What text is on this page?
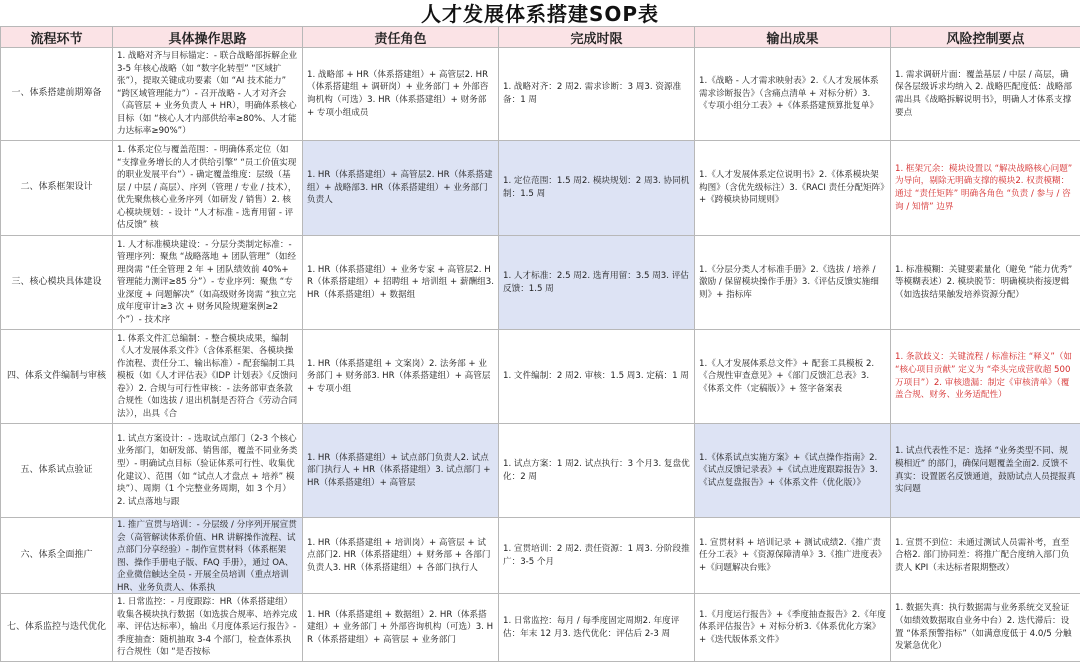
人才发展体系搭建SOP表
流程环节	具体操作思路	责任角色	完成时限	输出成果	风险控制要点

一、体系搭建前期筹备	1. 战略对齐与目标锚定：- 联合战略部拆解企业 3-5 年核心战略（如 “数字化转型” “区域扩张”），提取关键成功要素（如 “AI 技术能力” “跨区域管理能力”）- 召开战略 - 人才对齐会（高管层 + 业务负责人 + HR），明确体系核心目标（如 “核心人才内部供给率≥80%、人才能力达标率≥90%”）	1. 战略部 + HR（体系搭建组）+ 高管层2. HR（体系搭建组 + 调研岗）+ 业务部门 + 外部咨询机构（可选）3. HR（体系搭建组）+ 财务部 + 专项小组成员	1. 战略对齐：2 周2. 需求诊断：3 周3. 资源准备：1 周	1.《战略 - 人才需求映射表》2.《人才发展体系需求诊断报告》（含痛点清单 + 对标分析）3.《专项小组分工表》+《体系搭建预算批复单》	1. 需求调研片面：覆盖基层 / 中层 / 高层，确保各层级诉求均纳入 2. 战略匹配度低：战略部需出具《战略拆解说明书》，明确人才体系支撑要点

二、体系框架设计	1. 体系定位与覆盖范围：- 明确体系定位（如 “支撑业务增长的人才供给引擎” “员工价值实现的职业发展平台”）- 确定覆盖维度：层级（基层 / 中层 / 高层）、序列（管理 / 专业 / 技术），优先聚焦核心业务序列（如研发 / 销售）2. 核心模块规划：- 设计 “人才标准 - 选育用留 - 评估反馈” 核	1. HR（体系搭建组）+ 高管层2. HR（体系搭建组）+ 战略部3. HR（体系搭建组）+ 业务部门负责人	1. 定位范围：1.5 周2. 模块规划：2 周3. 协同机制：1.5 周	1.《人才发展体系定位说明书》2.《体系模块架构图》（含优先级标注）3.《RACI 责任分配矩阵》+《跨模块协同规则》	1. 框架冗余：模块设置以 “解决战略核心问题” 为导向，剔除无明确支撑的模块2. 权责模糊：通过 “责任矩阵” 明确各角色 “负责 / 参与 / 咨询 / 知情” 边界

三、核心模块具体建设	1. 人才标准模块建设：- 分层分类制定标准：- 管理序列：聚焦 “战略落地 + 团队管理”（如经理岗需 “任全管理 2 年 + 团队绩效前 40%+ 管理能力测评≥85 分”）- 专业序列：聚焦 “专业深度 + 问题解决”（如高级财务岗需 “独立完成年度审计≥3 次 + 财务风险规避案例≥2 个”）- 技术序	1. HR（体系搭建组）+ 业务专家 + 高管层2. HR（体系搭建组）+ 招聘组 + 培训组 + 薪酬组3. HR（体系搭建组）+ 数据组	1. 人才标准：2.5 周2. 选育用留：3.5 周3. 评估反馈：1.5 周	1.《分层分类人才标准手册》2.《选拔 / 培养 / 激励 / 保留模块操作手册》3.《评估反馈实施细则》+ 指标库	1. 标准模糊：关键要素量化（避免 “能力优秀” 等模糊表述）2. 模块脱节：明确模块衔接逻辑（如选拔结果触发培养资源分配）

四、体系文件编制与审核	1. 体系文件汇总编制：- 整合模块成果，编制《人才发展体系文件》（含体系框架、各模块操作流程、责任分工、输出标准）- 配套编制工具模板（如《人才评估表》《IDP 计划表》《反馈问卷》）2. 合规与可行性审核：- 法务部审查条款合规性（如选拔 / 退出机制是否符合《劳动合同法》），出具《合	1. HR（体系搭建组 + 文案岗）2. 法务部 + 业务部门 + 财务部3. HR（体系搭建组）+ 高管层 + 专项小组	1. 文件编制：2 周2. 审核：1.5 周3. 定稿：1 周	1.《人才发展体系总文件》+ 配套工具模板 2.《合规性审查意见》+《部门反馈汇总表》3.《体系文件（定稿版）》+ 签字备案表	1. 条款歧义：关键流程 / 标准标注 “释义”（如 “核心项目贡献” 定义为 “牵头完成营收超 500 万项目”）2. 审核遗漏：制定《审核清单》（覆盖合规、财务、业务适配性）

五、体系试点验证	1. 试点方案设计：- 选取试点部门（2-3 个核心业务部门，如研发部、销售部，覆盖不同业务类型）- 明确试点目标（验证体系可行性、收集优化建议）、范围（如 “试点人才盘点 + 培养” 模块”）、周期（1 个完整业务周期，如 3 个月）2. 试点落地与跟	1. HR（体系搭建组）+ 试点部门负责人2. 试点部门执行人 + HR（体系搭建组）3. 试点部门 + HR（体系搭建组）+ 高管层	1. 试点方案：1 周2. 试点执行：3 个月3. 复盘优化：2 周	1.《体系试点实施方案》+《试点操作指南》2.《试点反馈记录表》+《试点进度跟踪报告》3.《试点复盘报告》+《体系文件（优化版）》	1. 试点代表性不足：选择 “业务类型不同、规模相近” 的部门，确保问题覆盖全面2. 反馈不真实：设置匿名反馈通道，鼓励试点人员提报真实问题

六、体系全面推广	1. 推广宣贯与培训：- 分层级 / 分序列开展宣贯会（高管解读体系价值、HR 讲解操作流程、试点部门分享经验）- 制作宣贯材料（体系框架图、操作手册电子版、FAQ 手册），通过 OA、企业微信触达全员 - 开展全员培训（重点培训 HR、业务负责人、体系执	1. HR（体系搭建组 + 培训岗）+ 高管层 + 试点部门2. HR（体系搭建组）+ 财务部 + 各部门负责人3. HR（体系搭建组）+ 各部门执行人	1. 宣贯培训：2 周2. 责任资源：1 周3. 分阶段推广：3-5 个月	1. 宣贯材料 + 培训记录 + 测试成绩2.《推广责任分工表》+《资源保障清单》3.《推广进度表》+《问题解决台账》	1. 宣贯不到位：未通过测试人员需补考，直至合格2. 部门协同差：将推广配合度纳入部门负责人 KPI（未达标者限期整改）

七、体系监控与迭代优化	1. 日常监控：- 月度跟踪：HR（体系搭建组）收集各模块执行数据（如选拔合规率、培养完成率、评估达标率），输出《月度体系运行报告》- 季度抽查：随机抽取 3-4 个部门，检查体系执行合规性（如 “是否按标	1. HR（体系搭建组 + 数据组）2. HR（体系搭建组）+ 业务部门 + 外部咨询机构（可选）3. HR（体系搭建组）+ 高管层 + 业务部门	1. 日常监控：每月 / 每季度固定周期2. 年度评估：年末 12 月3. 迭代优化：评估后 2-3 周	1.《月度运行报告》+《季度抽查报告》2.《年度体系评估报告》+ 对标分析3.《体系优化方案》+《迭代版体系文件》	1. 数据失真：执行数据需与业务系统交叉验证（如绩效数据取自业务中台）2. 迭代滞后：设置 “体系预警指标”（如满意度低于 4.0/5 分触发紧急优化）
